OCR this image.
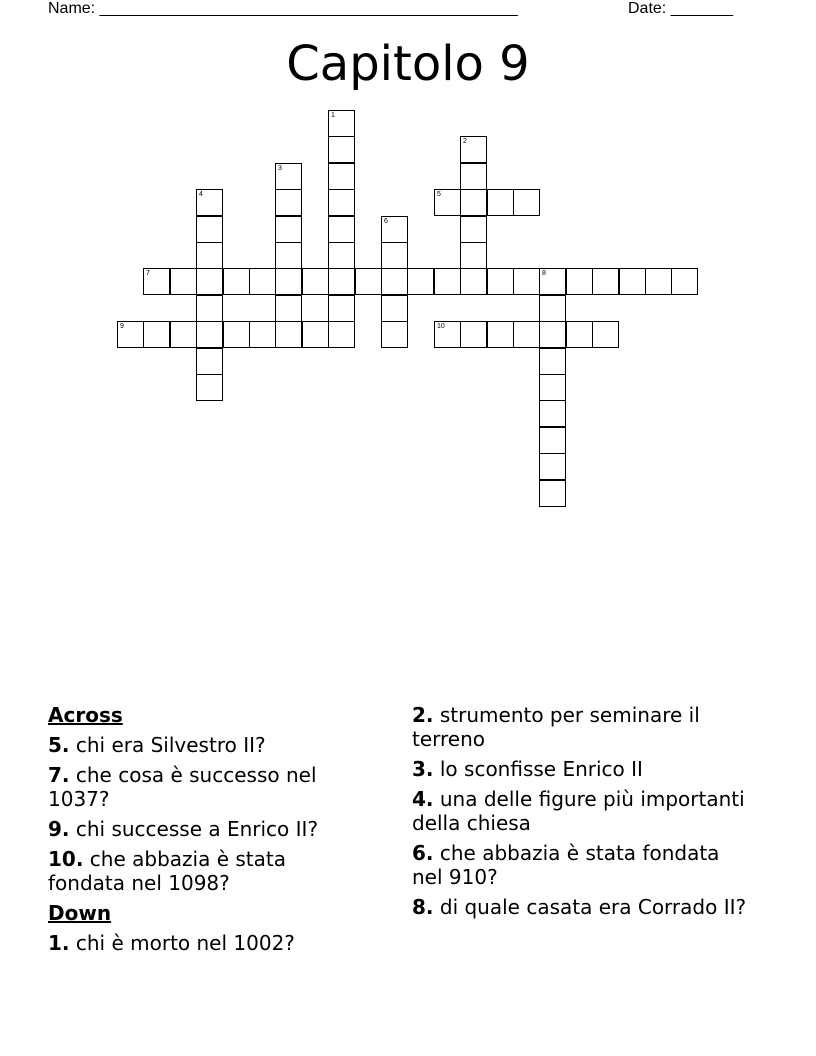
Name: _______________________________________________	Date: _______
Capitolo 9
1
2
3
4	5
6
7	8
9	10
Across
5. chi era Silvestro II?
7. che cosa è successo nel 1037?
9. chi successe a Enrico II?
10. che abbazia è stata fondata nel 1098?
Down
1. chi è morto nel 1002?
2. strumento per seminare il terreno
3. lo sconfisse Enrico II
4. una delle figure più importanti della chiesa
6. che abbazia è stata fondata nel 910?
8. di quale casata era Corrado II?
